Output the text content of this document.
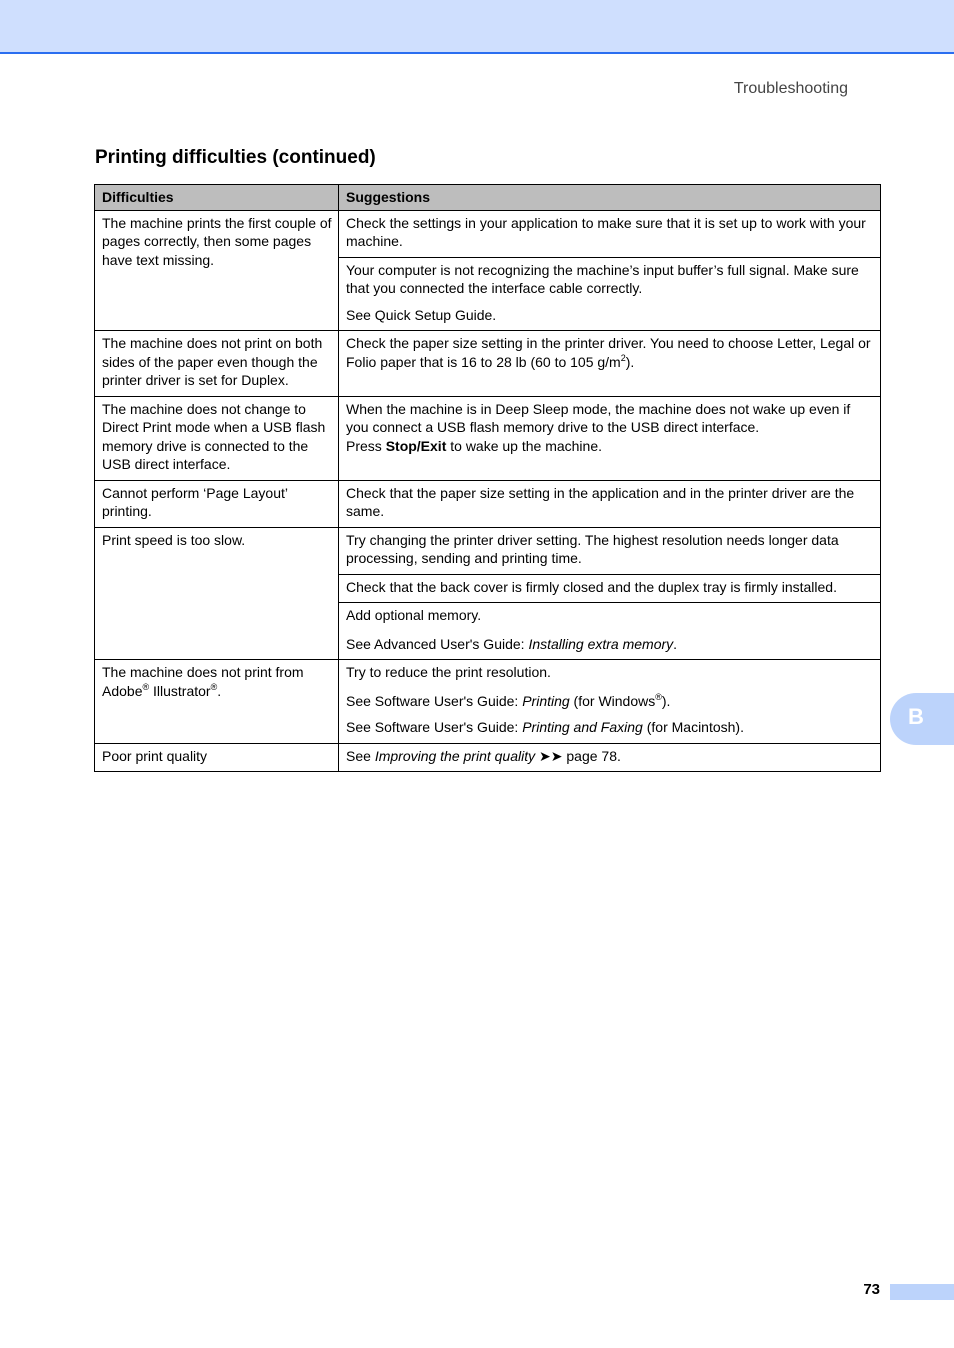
Troubleshooting
Printing difficulties (continued)
Difficulties	Suggestions
The machine prints the first couple of pages correctly, then some pages have text missing.	Check the settings in your application to make sure that it is set up to work with your machine.

	Your computer is not recognizing the machine’s input buffer’s full signal. Make sure that you connected the interface cable correctly.

See Quick Setup Guide.

The machine does not print on both sides of the paper even though the printer driver is set for Duplex.	Check the paper size setting in the printer driver. You need to choose Letter, Legal or Folio paper that is 16 to 28 lb (60 to 105 $g/m^2$).
The machine does not change to Direct Print mode when a USB flash memory drive is connected to the USB direct interface.	When the machine is in Deep Sleep mode, the machine does not wake up even if you connect a USB flash memory drive to the USB direct interface.

Press Stop/Exit to wake up the machine.

Cannot perform ‘Page Layout’ printing.	Check that the paper size setting in the application and in the printer driver are the same.
Print speed is too slow.	Try changing the printer driver setting. The highest resolution needs longer data processing, sending and printing time.
	Check that the back cover is firmly closed and the duplex tray is firmly installed.

	Add optional memory.

See Advanced User's Guide: Installing extra memory.

The machine does not print from Adobe® Illustrator®.	Try to reduce the print resolution.

See Software User's Guide: Printing (for Windows®).

See Software User's Guide: Printing and Faxing (for Macintosh).

Poor print quality	See Improving the print quality ➤➤ page 78.
B
73
